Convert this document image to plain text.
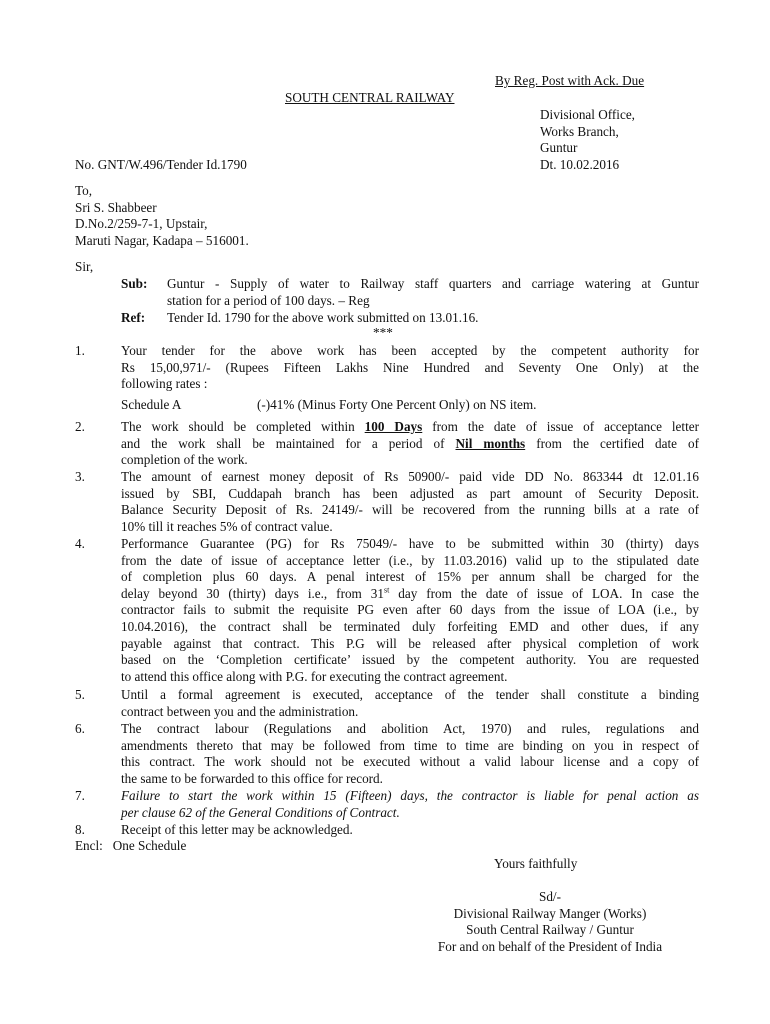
By Reg. Post with Ack. Due
SOUTH CENTRAL RAILWAY
Divisional Office,
Works Branch,
Guntur
Dt. 10.02.2016
No. GNT/W.496/Tender Id.1790
To,
Sri S. Shabbeer
D.No.2/259-7-1, Upstair,
Maruti Nagar, Kadapa – 516001.
Sir,
Sub: Guntur - Supply of water to Railway staff quarters and carriage watering at Guntur
station for a period of 100 days. – Reg
Ref: Tender Id. 1790 for the above work submitted on 13.01.16.
***
1.	Your tender for the above work has been accepted by the competent authority for
Rs 15,00,971/- (Rupees Fifteen Lakhs Nine Hundred and Seventy One Only) at the
following rates :
Schedule A	(-)41% (Minus Forty One Percent Only) on NS item.
2.	The work should be completed within 100 Days from the date of issue of acceptance letter
and the work shall be maintained for a period of Nil months from the certified date of
completion of the work.
3.	The amount of earnest money deposit of Rs 50900/- paid vide DD No. 863344 dt 12.01.16
issued by SBI, Cuddapah branch has been adjusted as part amount of Security Deposit.
Balance Security Deposit of Rs. 24149/- will be recovered from the running bills at a rate of
10% till it reaches 5% of contract value.
4.	Performance Guarantee (PG) for Rs 75049/- have to be submitted within 30 (thirty) days
from the date of issue of acceptance letter (i.e., by 11.03.2016) valid up to the stipulated date
of completion plus 60 days. A penal interest of 15% per annum shall be charged for the
delay beyond 30 (thirty) days i.e., from 31st day from the date of issue of LOA. In case the
contractor fails to submit the requisite PG even after 60 days from the issue of LOA (i.e., by
10.04.2016), the contract shall be terminated duly forfeiting EMD and other dues, if any
payable against that contract. This P.G will be released after physical completion of work
based on the ‘Completion certificate’ issued by the competent authority. You are requested
to attend this office along with P.G. for executing the contract agreement.
5.	Until a formal agreement is executed, acceptance of the tender shall constitute a binding
contract between you and the administration.
6.	The contract labour (Regulations and abolition Act, 1970) and rules, regulations and
amendments thereto that may be followed from time to time are binding on you in respect of
this contract. The work should not be executed without a valid labour license and a copy of
the same to be forwarded to this office for record.
7.	Failure to start the work within 15 (Fifteen) days, the contractor is liable for penal action as
per clause 62 of the General Conditions of Contract.
8.	Receipt of this letter may be acknowledged.
Encl:   One Schedule
Yours faithfully
Sd/-
Divisional Railway Manger (Works)
South Central Railway / Guntur
For and on behalf of the President of India
